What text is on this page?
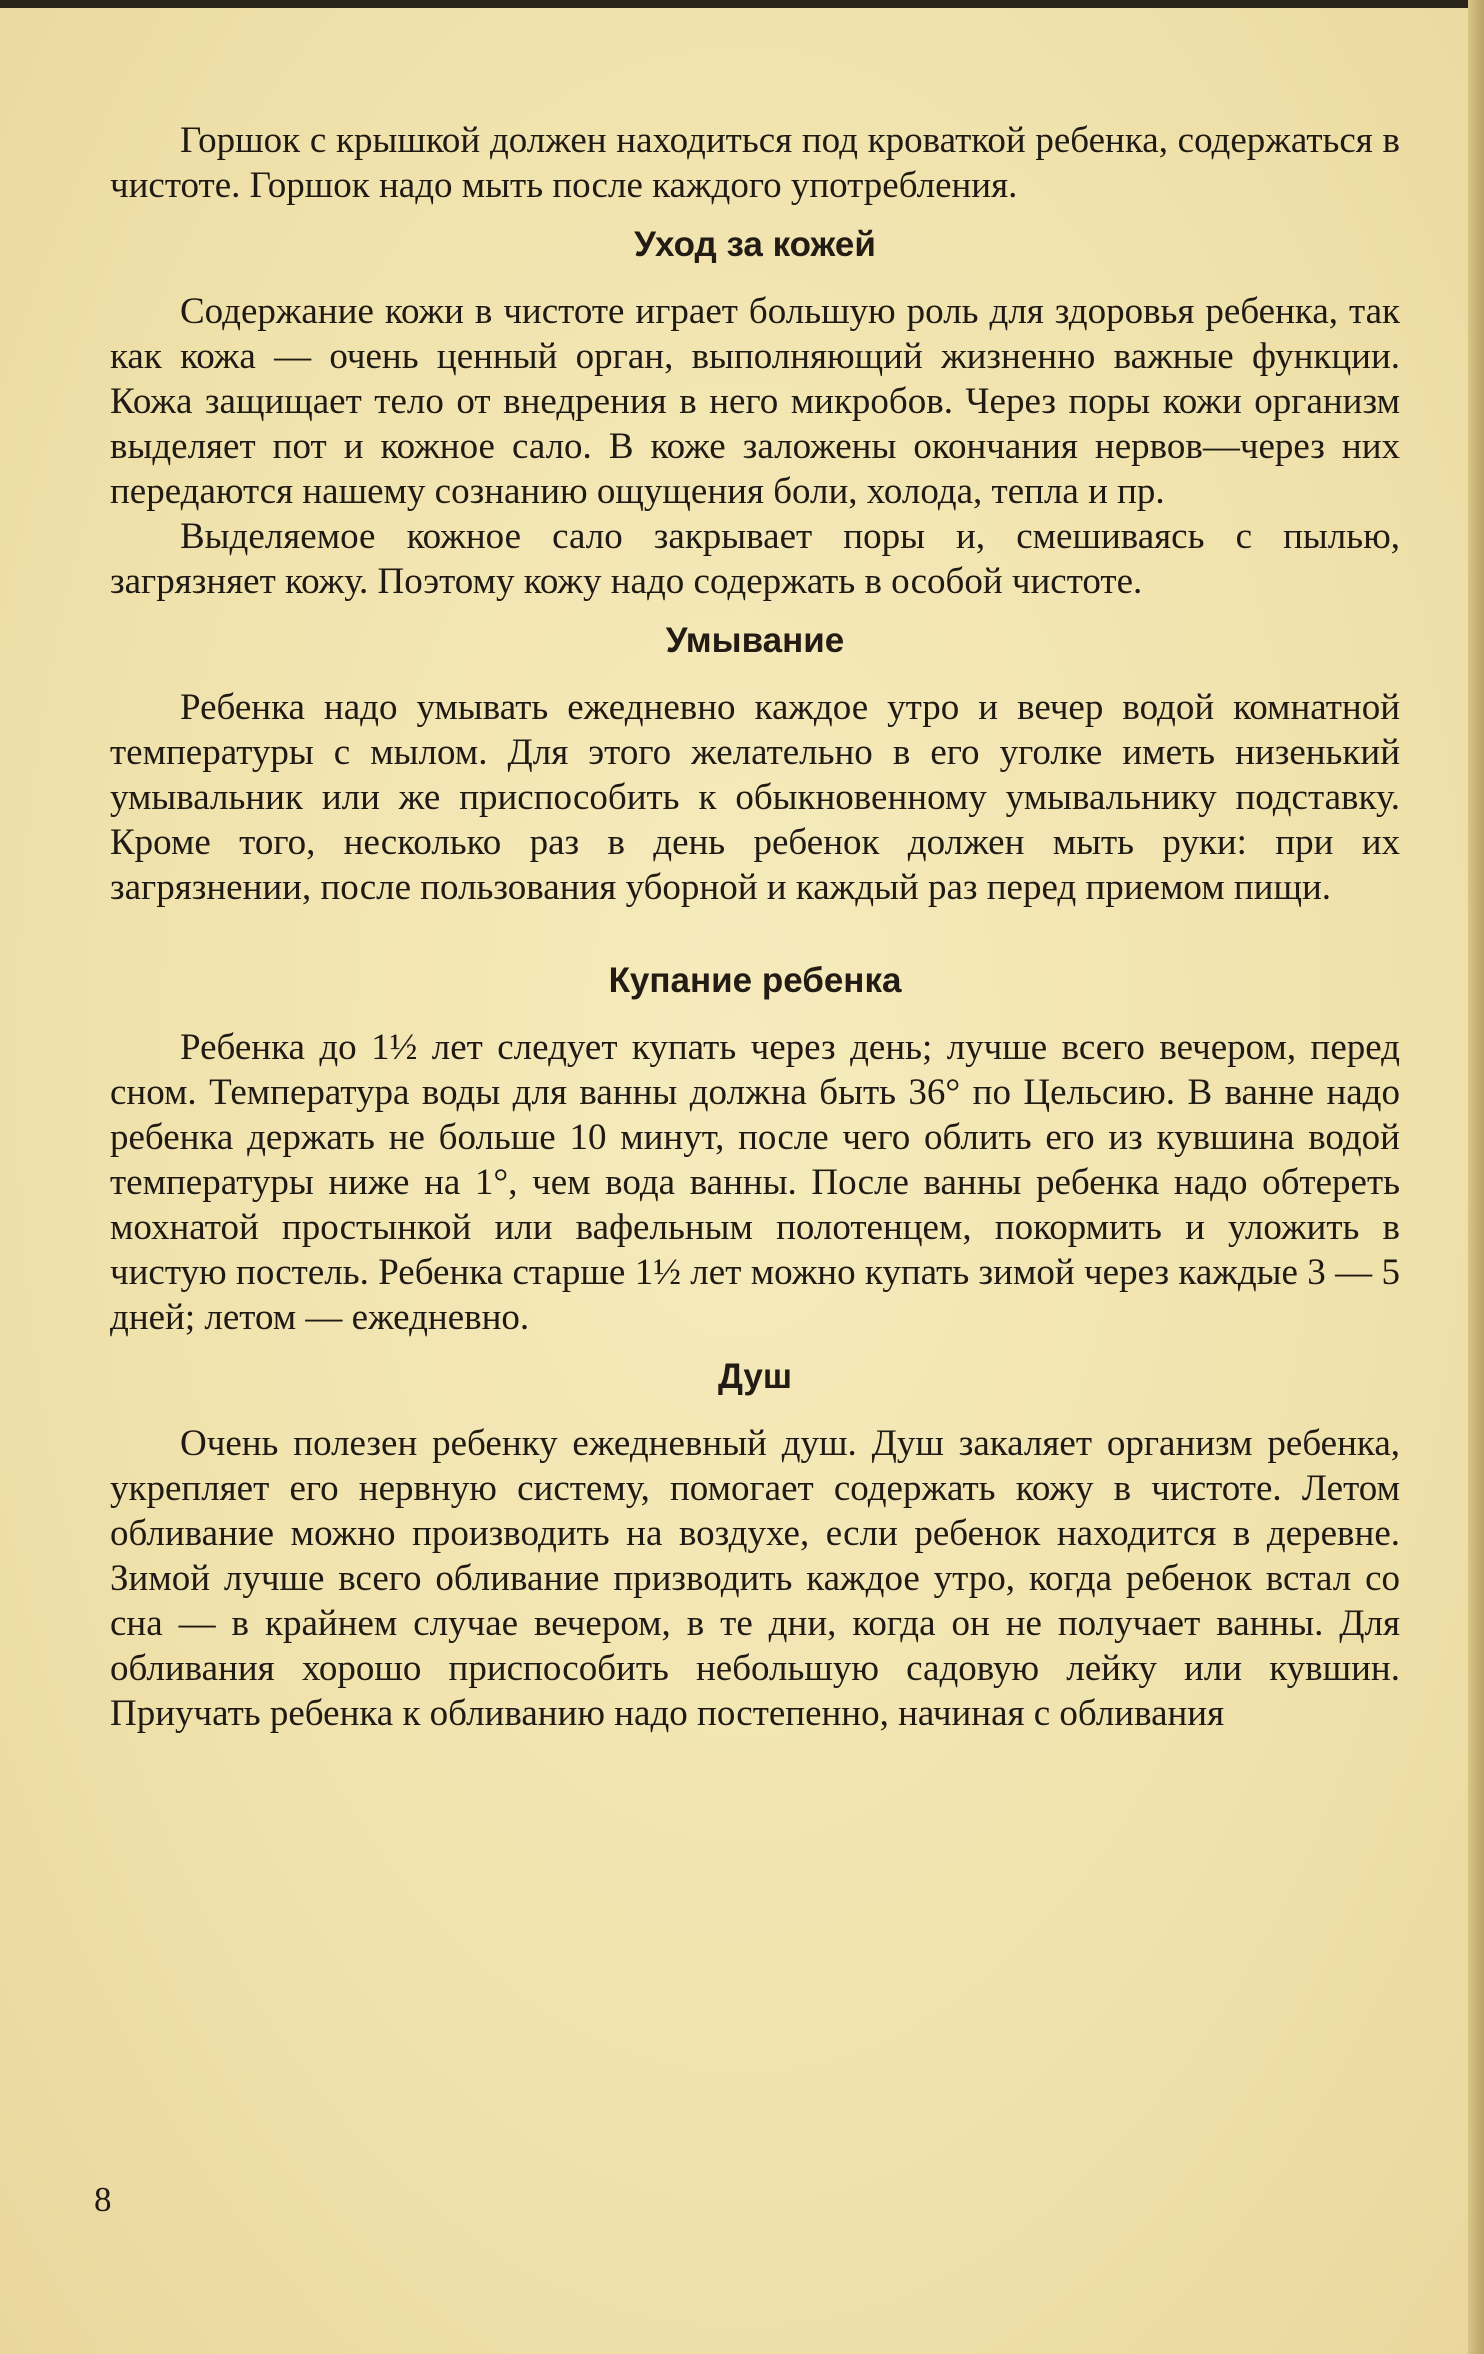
Горшок с крышкой должен находиться под кроваткой ребенка, содержаться в чистоте. Горшок надо мыть после каждого употребления.

Уход за кожей

Содержание кожи в чистоте играет большую роль для здоровья ребенка, так как кожа — очень ценный орган, выполняющий жизненно важные функции. Кожа защищает тело от внедрения в него микробов. Через поры кожи организм выделяет пот и кожное сало. В коже заложены окончания нервов—через них передаются нашему сознанию ощущения боли, холода, тепла и пр.

Выделяемое кожное сало закрывает поры и, смешиваясь с пылью, загрязняет кожу. Поэтому кожу надо содержать в особой чистоте.

Умывание

Ребенка надо умывать ежедневно каждое утро и вечер водой комнатной температуры с мылом. Для этого желательно в его уголке иметь низенький умывальник или же приспособить к обыкновенному умывальнику подставку. Кроме того, несколько раз в день ребенок должен мыть руки: при их загрязнении, после пользования уборной и каждый раз перед приемом пищи.

Купание ребенка

Ребенка до 1½ лет следует купать через день; лучше всего вечером, перед сном. Температура воды для ванны должна быть 36° по Цельсию. В ванне надо ребенка держать не больше 10 минут, после чего облить его из кувшина водой температуры ниже на 1°, чем вода ванны. После ванны ребенка надо обтереть мохнатой простынкой или вафельным полотенцем, покормить и уложить в чистую постель. Ребенка старше 1½ лет можно купать зимой через каждые 3 — 5 дней; летом — ежедневно.

Душ

Очень полезен ребенку ежедневный душ. Душ закаляет организм ребенка, укрепляет его нервную систему, помогает содержать кожу в чистоте. Летом обливание можно производить на воздухе, если ребенок находится в деревне. Зимой лучше всего обливание призводить каждое утро, когда ребенок встал со сна — в крайнем случае вечером, в те дни, когда он не получает ванны. Для обливания хорошо приспособить небольшую садовую лейку или кувшин. Приучать ребенка к обливанию надо постепенно, начиная с обливания

8
